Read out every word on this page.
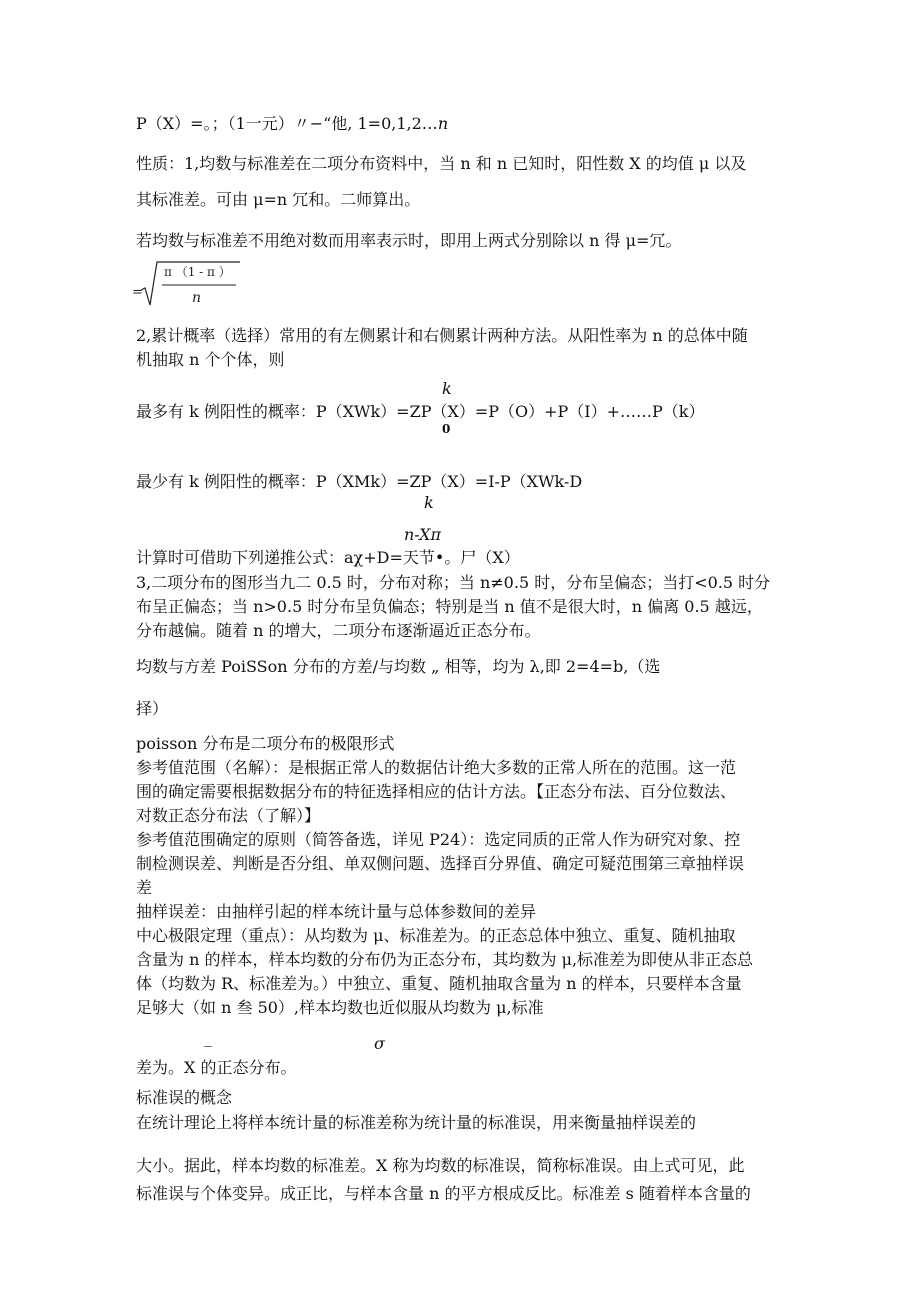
P（X）=。；（1一元）〃−“他, 1=0,1,2…n
性质：1,均数与标准差在二项分布资料中，当 n 和 n 已知时，阳性数 X 的均值 μ 以及
其标准差。可由 μ=n 冗和。二师算出。
若均数与标准差不用绝对数而用率表示时，即用上两式分别除以 n 得 μ=冗。
=
π （1 - π ）
n
2,累计概率（选择）常用的有左侧累计和右侧累计两种方法。从阳性率为 n 的总体中随
机抽取 n 个个体，则
k
最多有 k 例阳性的概率：P（XWk）=ZP（X）=P（O）+P（I）+……P（k）
0
最少有 k 例阳性的概率：P（XMk）=ZP（X）=I-P（XWk-D
k
n-Xπ
计算时可借助下列递推公式：aχ+D=天节•。尸（X）
3,二项分布的图形当九二 0.5 时，分布对称；当 n≠0.5 时，分布呈偏态；当打<0.5 时分
布呈正偏态；当 n>0.5 时分布呈负偏态；特别是当 n 值不是很大时，n 偏离 0.5 越远，
分布越偏。随着 n 的增大，二项分布逐渐逼近正态分布。
均数与方差 PoiSSon 分布的方差/与均数 „ 相等，均为 λ,即 2=4=b,（选
择）
poisson 分布是二项分布的极限形式
参考值范围（名解）：是根据正常人的数据估计绝大多数的正常人所在的范围。这一范
围的确定需要根据数据分布的特征选择相应的估计方法。【正态分布法、百分位数法、
对数正态分布法（了解）】
参考值范围确定的原则（简答备选，详见 P24）：选定同质的正常人作为研究对象、控
制检测误差、判断是否分组、单双侧问题、选择百分界值、确定可疑范围第三章抽样误
差
抽样误差：由抽样引起的样本统计量与总体参数间的差异
中心极限定理（重点）：从均数为 μ、标准差为。的正态总体中独立、重复、随机抽取
含量为 n 的样本，样本均数的分布仍为正态分布，其均数为 μ,标准差为即使从非正态总
体（均数为 R、标准差为。）中独立、重复、随机抽取含量为 n 的样本，只要样本含量
足够大（如 n 叁 50）,样本均数也近似服从均数为 μ,标准
_	σ
差为。X 的正态分布。
标准误的概念
在统计理论上将样本统计量的标准差称为统计量的标准误，用来衡量抽样误差的
大小。据此，样本均数的标准差。X 称为均数的标准误，简称标准误。由上式可见，此
标准误与个体变异。成正比，与样本含量 n 的平方根成反比。标准差 s 随着样本含量的
